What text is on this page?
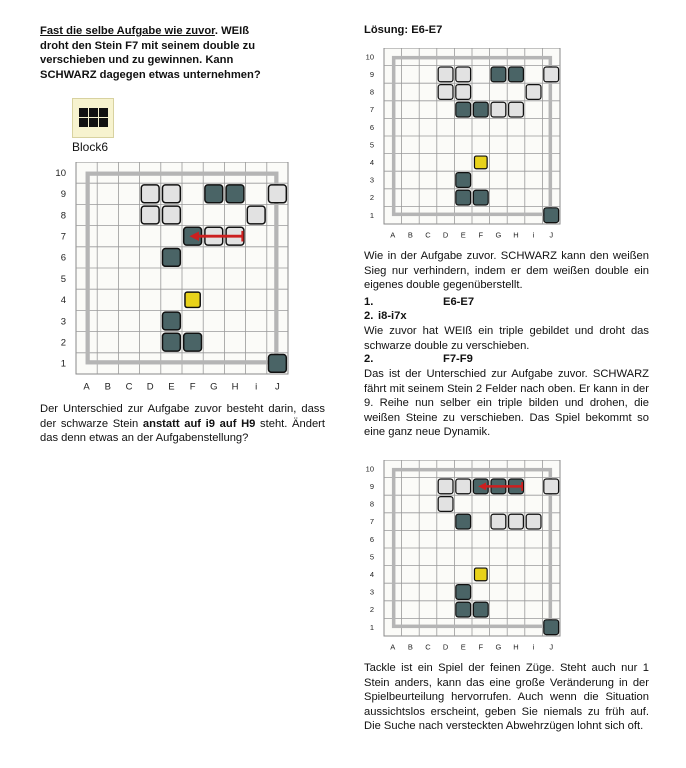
Fast die selbe Aufgabe wie zuvor. WEIß

droht den Stein F7 mit seinem double zu

verschieben und zu gewinnen. Kann

SCHWARZ dagegen etwas unternehmen?

Block6
10
9
8
7
6
5
4
3
2
1
A B C D E F G H i J

Der Unterschied zur Aufgabe zuvor besteht darin, dass der schwarze Stein anstatt auf i9 auf H9 steht. Ändert das denn etwas an der Aufgabenstellung?

Lösung: E6-E7
10
9
8
7
6
5
4
3
2
1
A B C D E F G H i J
Wie in der Aufgabe zuvor. SCHWARZ kann den weißen Sieg nur verhindern, indem er dem weißen double ein eigenes double gegenüberstellt.
1.	E6-E7
2. i8-i7x
Wie zuvor hat WEIß ein triple gebildet und droht das schwarze double zu verschieben.
2.	F7-F9
Das ist der Unterschied zur Aufgabe zuvor. SCHWARZ fährt mit seinem Stein 2 Felder nach oben. Er kann in der 9. Reihe nun selber ein triple bilden und drohen, die weißen Steine zu verschieben. Das Spiel bekommt so eine ganz neue Dynamik.
10
9
8
7
6
5
4
3
2
1
A B C D E F G H i J
Tackle ist ein Spiel der feinen Züge. Steht auch nur 1 Stein anders, kann das eine große Veränderung in der Spielbeurteilung hervorrufen. Auch wenn die Situation aussichtslos erscheint, geben Sie niemals zu früh auf. Die Suche nach versteckten Abwehrzügen lohnt sich oft.
